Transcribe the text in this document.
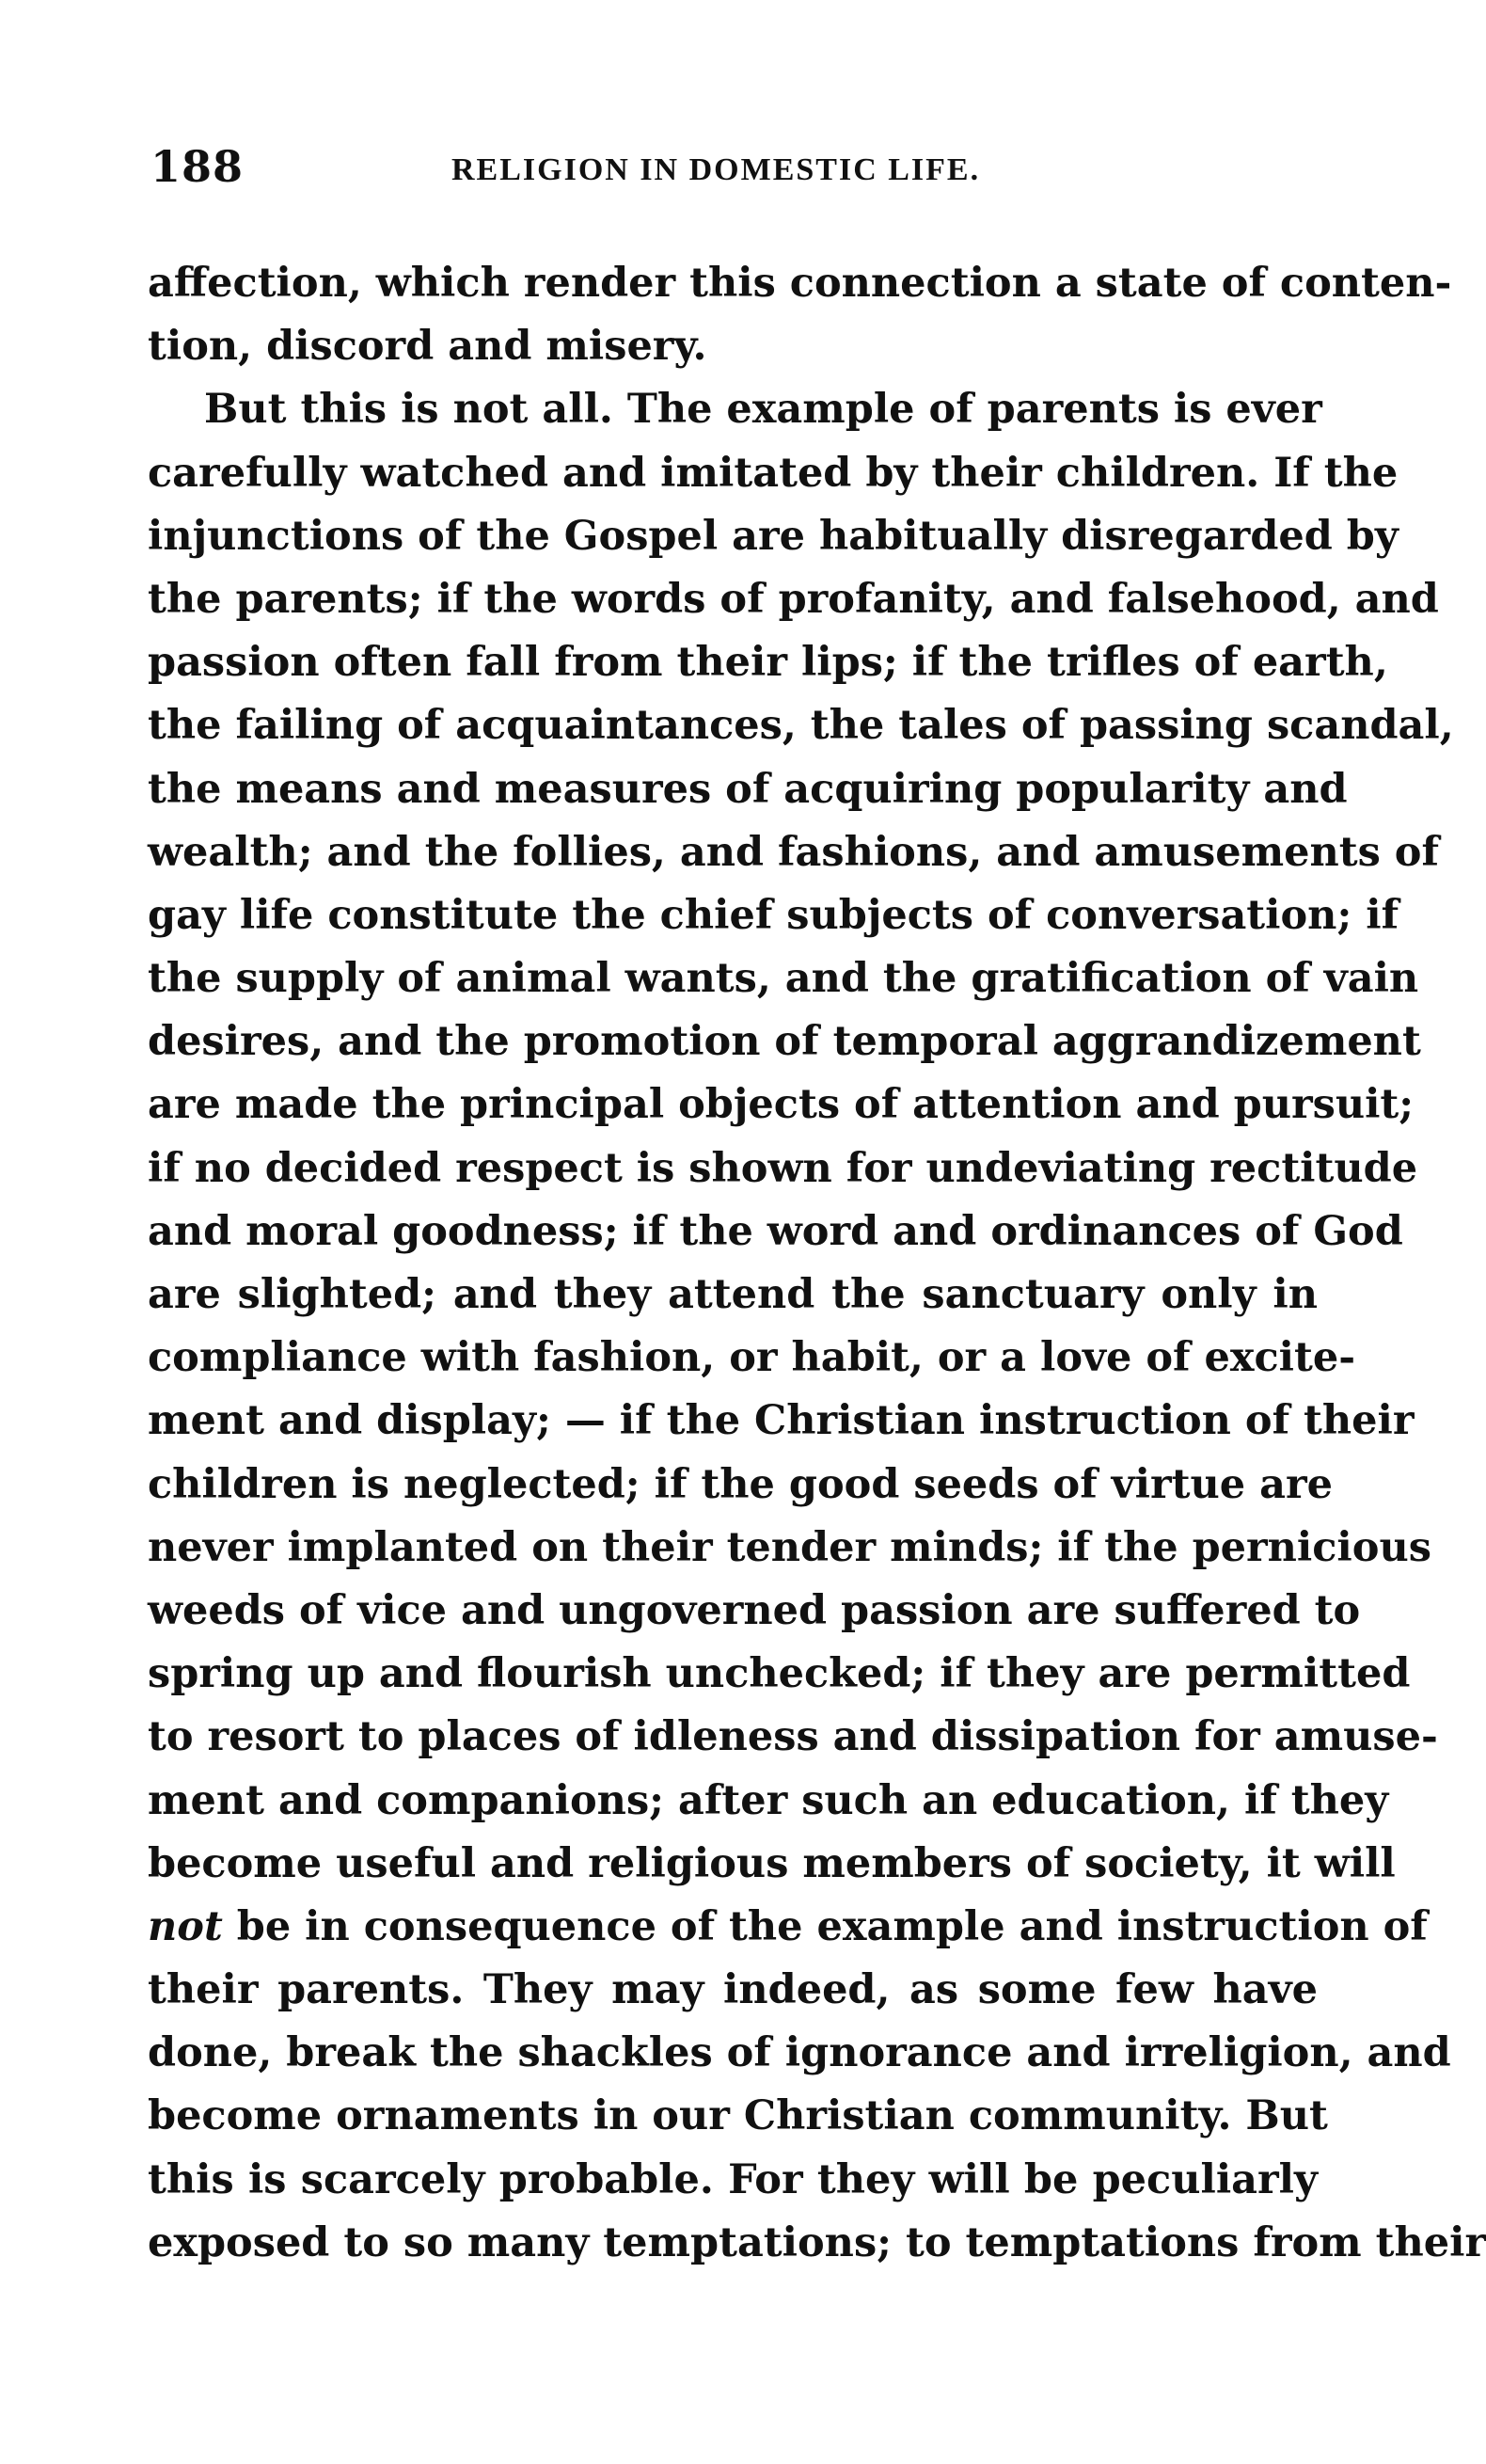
188	RELIGION IN DOMESTIC LIFE.
affection, which render this connection a state of conten-
tion, discord and misery.
But this is not all. The example of parents is ever
carefully watched and imitated by their children. If the
injunctions of the Gospel are habitually disregarded by
the parents; if the words of profanity, and falsehood, and
passion often fall from their lips; if the trifles of earth,
the failing of acquaintances, the tales of passing scandal,
the means and measures of acquiring popularity and
wealth; and the follies, and fashions, and amusements of
gay life constitute the chief subjects of conversation; if
the supply of animal wants, and the gratification of vain
desires, and the promotion of temporal aggrandizement
are made the principal objects of attention and pursuit;
if no decided respect is shown for undeviating rectitude
and moral goodness; if the word and ordinances of God
are slighted; and they attend the sanctuary only in
compliance with fashion, or habit, or a love of excite-
ment and display; — if the Christian instruction of their
children is neglected; if the good seeds of virtue are
never implanted on their tender minds; if the pernicious
weeds of vice and ungoverned passion are suffered to
spring up and flourish unchecked; if they are permitted
to resort to places of idleness and dissipation for amuse-
ment and companions; after such an education, if they
become useful and religious members of society, it will
not be in consequence of the example and instruction of
their parents. They may indeed, as some few have
done, break the shackles of ignorance and irreligion, and
become ornaments in our Christian community. But
this is scarcely probable. For they will be peculiarly
exposed to so many temptations; to temptations from their
